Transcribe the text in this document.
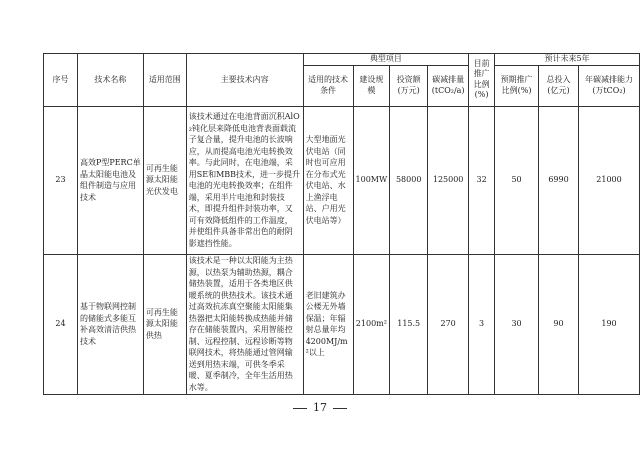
序号	技术名称	适用范围	主要技术内容	典型项目				目前推广比例(%)	预计未来5年		
				适用的技术条件	建设规模	投资额(万元)	碳减排量(tCO₂/a)		预期推广比例(%)	总投入(亿元)	年碳减排能力(万tCO₂)
23	高效P型PERC单晶太阳能电池及组件制造与应用技术	可再生能源太阳能光伏发电	该技术通过在电池背面沉积AlO₂钝化层来降低电池背表面载流子复合量，提升电池的长波响应，从而提高电池光电转换效率。与此同时，在电池端，采用SE和MBB技术，进一步提升电池的光电转换效率；在组件端，采用半片电池和封装技术，即提升组件封装功率，又可有效降低组件的工作温度，并使组件具备非常出色的耐阴影遮挡性能。	大型地面光伏电站（同时也可应用在分布式光伏电站、水上渔浮电站、户用光伏电站等）	100MW	58000	125000	32	50	6990	21000
24	基于物联网控制的储能式多能互补高效清洁供热技术	可再生能源太阳能供热	该技术是一种以太阳能为主热源，以热泵为辅助热源，耦合储热装置，适用于各类地区供暖系统的供热技术。该技术通过高效抗冻真空聚能太阳能集热器把太阳能转换成热能并储存在储能装置内，采用智能控制、远程控制、远程诊断等物联网技术，将热能通过管网输送到用热末端，可供冬季采暖、夏季制冷，全年生活用热水等。	老旧建筑办公楼无外墙保温；年辐射总量年均4200MJ/m²以上	2100m²	115.5	270	3	30	90	190
17
